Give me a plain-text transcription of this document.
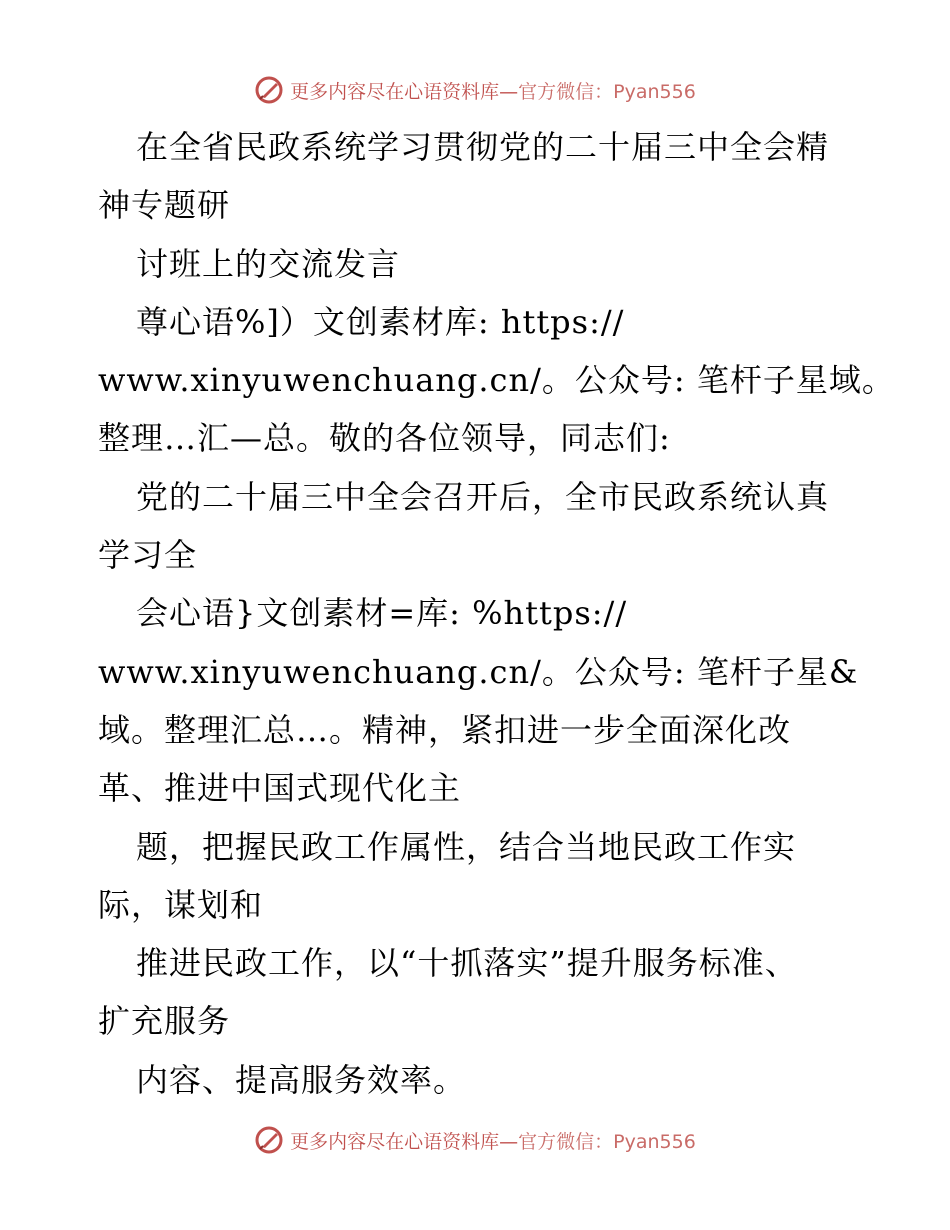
更多内容尽在心语资料库—官方微信：Pyan556
在全省民政系统学习贯彻党的二十届三中全会精
神专题研
讨班上的交流发言
尊心语%]）文创素材库: https://
www.xinyuwenchuang.cn/。公众号: 笔杆子星域。
整理…汇—总。敬的各位领导，同志们:
党的二十届三中全会召开后，全市民政系统认真
学习全
会心语}文创素材=库: %https://
www.xinyuwenchuang.cn/。公众号: 笔杆子星&
域。整理汇总…。精神，紧扣进一步全面深化改
革、推进中国式现代化主
题，把握民政工作属性，结合当地民政工作实
际，谋划和
推进民政工作，以“十抓落实”提升服务标准、
扩充服务
内容、提高服务效率。
更多内容尽在心语资料库—官方微信：Pyan556
